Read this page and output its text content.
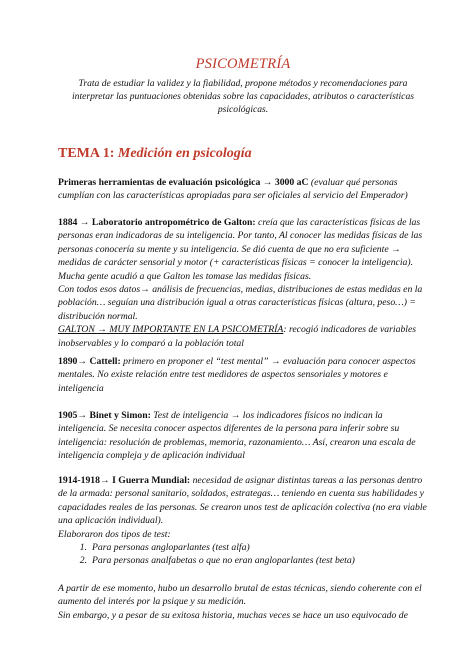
PSICOMETRÍA
Trata de estudiar la validez y la fiabilidad, propone métodos y recomendaciones para interpretar las puntuaciones obtenidas sobre las capacidades, atributos o características psicológicas.
TEMA 1: Medición en psicología
Primeras herramientas de evaluación psicológica → 3000 aC (evaluar qué personas cumplían con las características apropiadas para ser oficiales al servicio del Emperador)
1884 → Laboratorio antropométrico de Galton: creía que las características físicas de las personas eran indicadoras de su inteligencia. Por tanto, Al conocer las medidas físicas de las personas conocería su mente y su inteligencia. Se dió cuenta de que no era suficiente → medidas de carácter sensorial y motor (+ características físicas = conocer la inteligencia). Mucha gente acudió a que Galton les tomase las medidas físicas.
Con todos esos datos→ análisis de frecuencias, medias, distribuciones de estas medidas en la población… seguían una distribución igual a otras características físicas (altura, peso…) = distribución normal.
GALTON → MUY IMPORTANTE EN LA PSICOMETRÍA: recogió indicadores de variables inobservables y lo comparó a la población total
1890→ Cattell: primero en proponer el “test mental” → evaluación para conocer aspectos mentales. No existe relación entre test medidores de aspectos sensoriales y motores e inteligencia
1905→ Binet y Simon: Test de inteligencia → los indicadores físicos no indican la inteligencia. Se necesita conocer aspectos diferentes de la persona para inferir sobre su inteligencia: resolución de problemas, memoria, razonamiento… Así, crearon una escala de inteligencia compleja y de aplicación individual
1914-1918→ I Guerra Mundial: necesidad de asignar distintas tareas a las personas dentro de la armada: personal sanitario, soldados, estrategas… teniendo en cuenta sus habilidades y capacidades reales de las personas. Se crearon unos test de aplicación colectiva (no era viable una aplicación individual).
Elaboraron dos tipos de test:
1. Para personas angloparlantes (test alfa)
2. Para personas analfabetas o que no eran angloparlantes (test beta)
A partir de ese momento, hubo un desarrollo brutal de estas técnicas, siendo coherente con el aumento del interés por la psique y su medición.
Sin embargo, y a pesar de su exitosa historia, muchas veces se hace un uso equivocado de
